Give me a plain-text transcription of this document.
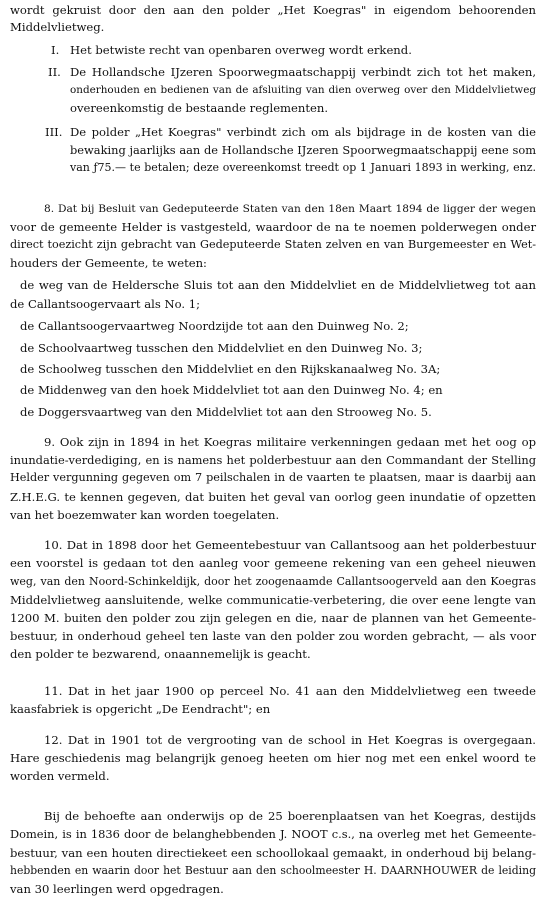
wordt gekruist door den aan den polder „Het Koegras" in eigendom behoorenden
Middelvlietweg.
I. Het betwiste recht van openbaren overweg wordt erkend.
II. De Hollandsche IJzeren Spoorwegmaatschappij verbindt zich tot het maken,
onderhouden en bedienen van de afsluiting van dien overweg over den Middelvlietweg
overeenkomstig de bestaande reglementen.
III. De polder „Het Koegras" verbindt zich om als bijdrage in de kosten van die
bewaking jaarlijks aan de Hollandsche IJzeren Spoorwegmaatschappij eene som
van ƒ75.— te betalen; deze overeenkomst treedt op 1 Januari 1893 in werking, enz.
8. Dat bij Besluit van Gedeputeerde Staten van den 18en Maart 1894 de ligger der wegen
voor de gemeente Helder is vastgesteld, waardoor de na te noemen polderwegen onder
direct toezicht zijn gebracht van Gedeputeerde Staten zelven en van Burgemeester en Wet-
houders der Gemeente, te weten:
de weg van de Heldersche Sluis tot aan den Middelvliet en de Middelvlietweg tot aan
de Callantsoogervaart als No. 1;
de Callantsoogervaartweg Noordzijde tot aan den Duinweg No. 2;
de Schoolvaartweg tusschen den Middelvliet en den Duinweg No. 3;
de Schoolweg tusschen den Middelvliet en den Rijkskanaalweg No. 3A;
de Middenweg van den hoek Middelvliet tot aan den Duinweg No. 4; en
de Doggersvaartweg van den Middelvliet tot aan den Strooweg No. 5.
9. Ook zijn in 1894 in het Koegras militaire verkenningen gedaan met het oog op
inundatie-verdediging, en is namens het polderbestuur aan den Commandant der Stelling
Helder vergunning gegeven om 7 peilschalen in de vaarten te plaatsen, maar is daarbij aan
Z.H.E.G. te kennen gegeven, dat buiten het geval van oorlog geen inundatie of opzetten
van het boezemwater kan worden toegelaten.
10. Dat in 1898 door het Gemeentebestuur van Callantsoog aan het polderbestuur
een voorstel is gedaan tot den aanleg voor gemeene rekening van een geheel nieuwen
weg, van den Noord-Schinkeldijk, door het zoogenaamde Callantsoogerveld aan den Koegras
Middelvlietweg aansluitende, welke communicatie-verbetering, die over eene lengte van
1200 M. buiten den polder zou zijn gelegen en die, naar de plannen van het Gemeente-
bestuur, in onderhoud geheel ten laste van den polder zou worden gebracht, — als voor
den polder te bezwarend, onaannemelijk is geacht.
11. Dat in het jaar 1900 op perceel No. 41 aan den Middelvlietweg een tweede
kaasfabriek is opgericht „De Eendracht"; en
12. Dat in 1901 tot de vergrooting van de school in Het Koegras is overgegaan.
Hare geschiedenis mag belangrijk genoeg heeten om hier nog met een enkel woord te
worden vermeld.
Bij de behoefte aan onderwijs op de 25 boerenplaatsen van het Koegras, destijds
Domein, is in 1836 door de belanghebbenden J. NOOT c.s., na overleg met het Gemeente-
bestuur, van een houten directiekeet een schoollokaal gemaakt, in onderhoud bij belang-
hebbenden en waarin door het Bestuur aan den schoolmeester H. DAARNHOUWER de leiding
van 30 leerlingen werd opgedragen.
